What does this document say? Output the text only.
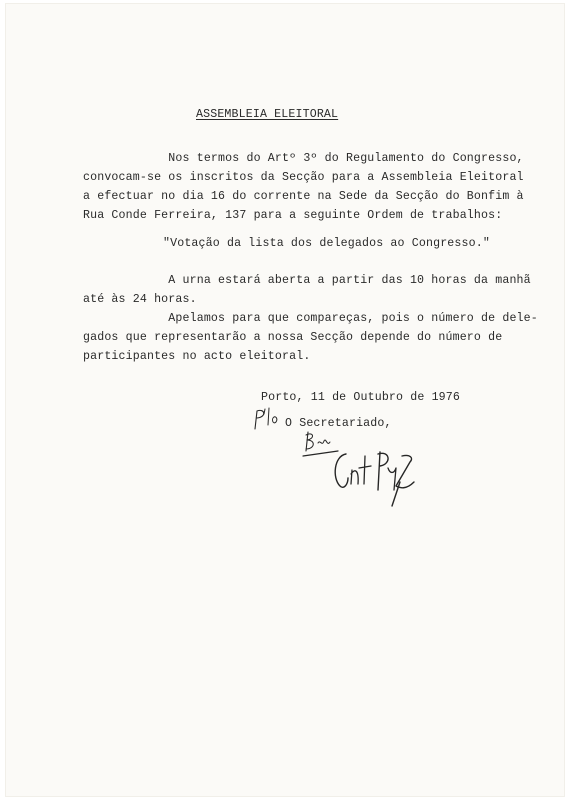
ASSEMBLEIA ELEITORAL
Nos termos do Artº 3º do Regulamento do Congresso,
convocam-se os inscritos da Secção para a Assembleia Eleitoral
a efectuar no dia 16 do corrente na Sede da Secção do Bonfim à
Rua Conde Ferreira, 137 para a seguinte Ordem de trabalhos:
"Votação da lista dos delegados ao Congresso."
A urna estará aberta a partir das 10 horas da manhã
até às 24 horas.
Apelamos para que compareças, pois o número de dele-
gados que representarão a nossa Secção depende do número de
participantes no acto eleitoral.
Porto, 11 de Outubro de 1976
O Secretariado,
